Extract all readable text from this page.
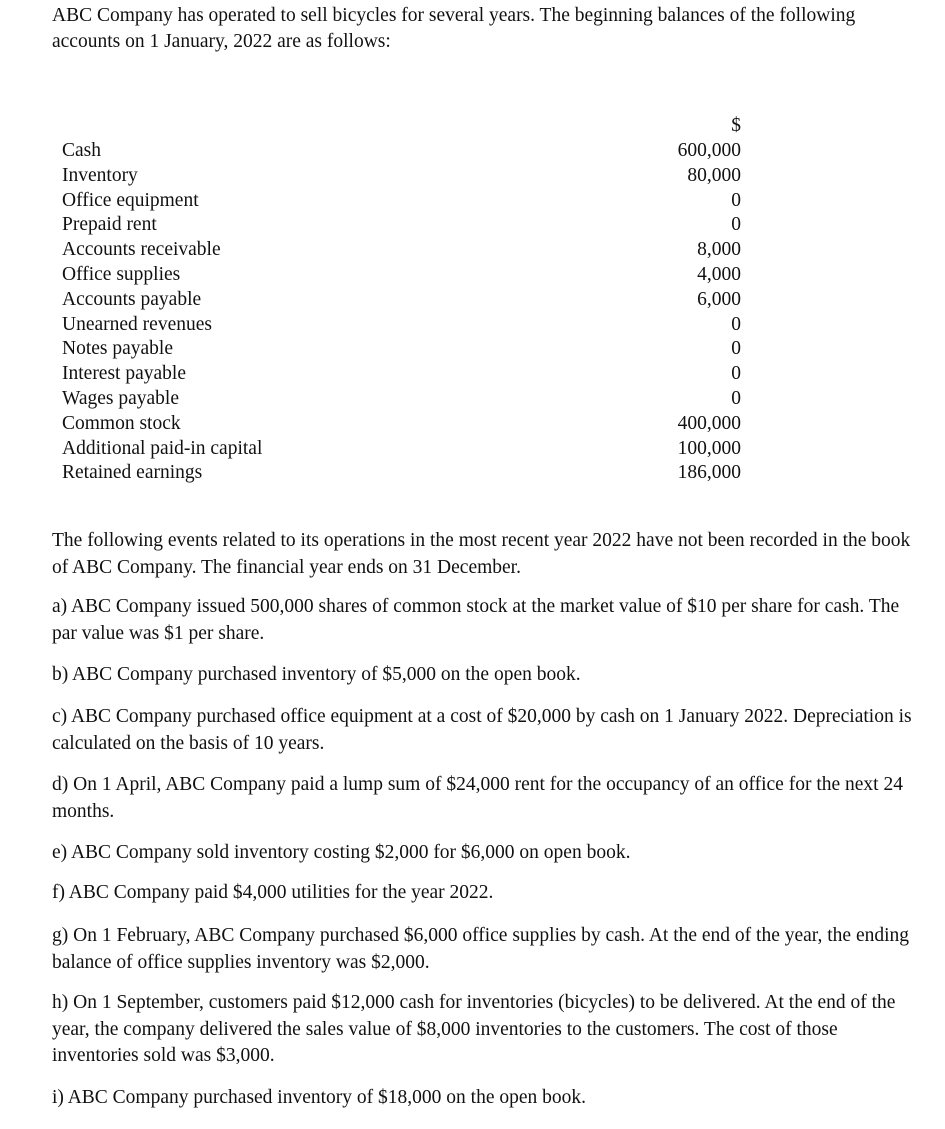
ABC Company has operated to sell bicycles for several years. The beginning balances of the following accounts on 1 January, 2022 are as follows:

$
Cash	600,000
Inventory	80,000
Office equipment	0
Prepaid rent	0
Accounts receivable	8,000
Office supplies	4,000
Accounts payable	6,000
Unearned revenues	0
Notes payable	0
Interest payable	0
Wages payable	0
Common stock	400,000
Additional paid-in capital	100,000
Retained earnings	186,000

The following events related to its operations in the most recent year 2022 have not been recorded in the book of ABC Company. The financial year ends on 31 December.

a) ABC Company issued 500,000 shares of common stock at the market value of $10 per share for cash. The par value was $1 per share.

b) ABC Company purchased inventory of $5,000 on the open book.

c) ABC Company purchased office equipment at a cost of $20,000 by cash on 1 January 2022. Depreciation is calculated on the basis of 10 years.

d) On 1 April, ABC Company paid a lump sum of $24,000 rent for the occupancy of an office for the next 24 months.

e) ABC Company sold inventory costing $2,000 for $6,000 on open book.

f) ABC Company paid $4,000 utilities for the year 2022.

g) On 1 February, ABC Company purchased $6,000 office supplies by cash. At the end of the year, the ending balance of office supplies inventory was $2,000.

h) On 1 September, customers paid $12,000 cash for inventories (bicycles) to be delivered. At the end of the year, the company delivered the sales value of $8,000 inventories to the customers. The cost of those inventories sold was $3,000.

i) ABC Company purchased inventory of $18,000 on the open book.
